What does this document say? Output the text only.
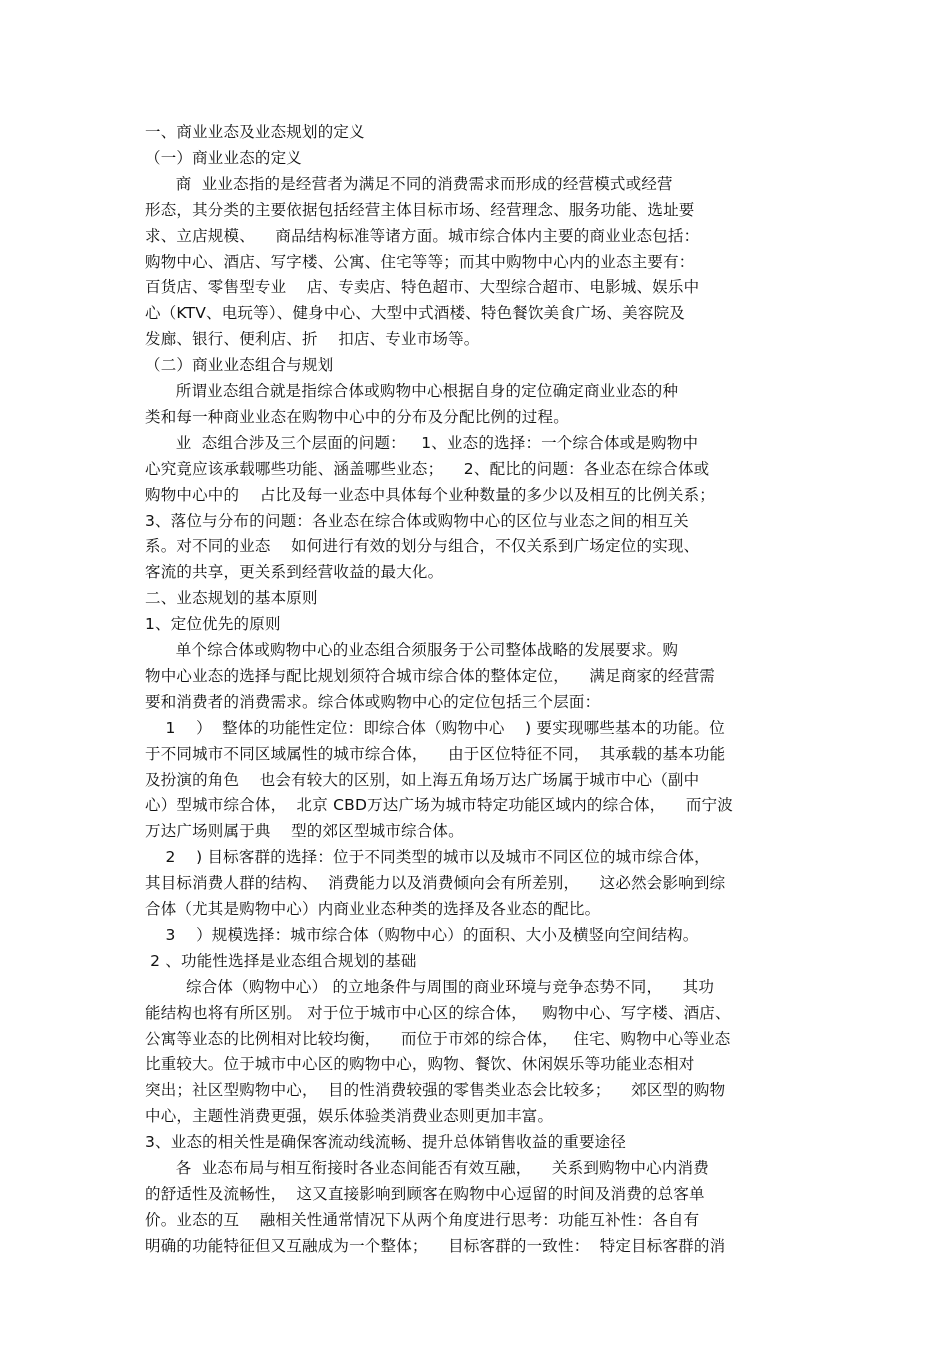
一、商业业态及业态规划的定义
（一）商业业态的定义
商  业业态指的是经营者为满足不同的消费需求而形成的经营模式或经营
形态，其分类的主要依据包括经营主体目标市场、经营理念、服务功能、选址要
求、立店规模、    商品结构标准等诸方面。城市综合体内主要的商业业态包括：
购物中心、酒店、写字楼、公寓、住宅等等；而其中购物中心内的业态主要有：
百货店、零售型专业    店、专卖店、特色超市、大型综合超市、电影城、娱乐中
心（KTV、电玩等）、健身中心、大型中式酒楼、特色餐饮美食广场、美容院及
发廊、银行、便利店、折    扣店、专业市场等。
（二）商业业态组合与规划
所谓业态组合就是指综合体或购物中心根据自身的定位确定商业业态的种
类和每一种商业业态在购物中心中的分布及分配比例的过程。
业  态组合涉及三个层面的问题：   1、业态的选择：一个综合体或是购物中
心究竟应该承载哪些功能、涵盖哪些业态；    2、配比的问题：各业态在综合体或
购物中心中的    占比及每一业态中具体每个业种数量的多少以及相互的比例关系；
3、落位与分布的问题：各业态在综合体或购物中心的区位与业态之间的相互关
系。对不同的业态    如何进行有效的划分与组合，不仅关系到广场定位的实现、
客流的共享，更关系到经营收益的最大化。
二、业态规划的基本原则
1、定位优先的原则
单个综合体或购物中心的业态组合须服务于公司整体战略的发展要求。购
物中心业态的选择与配比规划须符合城市综合体的整体定位，    满足商家的经营需
要和消费者的消费需求。综合体或购物中心的定位包括三个层面：
1    ）  整体的功能性定位：即综合体（购物中心    ) 要实现哪些基本的功能。位
于不同城市不同区域属性的城市综合体，    由于区位特征不同，  其承载的基本功能
及扮演的角色    也会有较大的区别，如上海五角场万达广场属于城市中心（副中
心）型城市综合体，  北京 CBD万达广场为城市特定功能区域内的综合体，    而宁波
万达广场则属于典    型的郊区型城市综合体。
2    ) 目标客群的选择：位于不同类型的城市以及城市不同区位的城市综合体，
其目标消费人群的结构、  消费能力以及消费倾向会有所差别，    这必然会影响到综
合体（尤其是购物中心）内商业业态种类的选择及各业态的配比。
3    ）规模选择：城市综合体（购物中心）的面积、大小及横竖向空间结构。
2 、功能性选择是业态组合规划的基础
综合体（购物中心） 的立地条件与周围的商业环境与竞争态势不同，    其功
能结构也将有所区别。 对于位于城市中心区的综合体，   购物中心、写字楼、酒店、
公寓等业态的比例相对比较均衡，    而位于市郊的综合体，   住宅、购物中心等业态
比重较大。位于城市中心区的购物中心，购物、餐饮、休闲娱乐等功能业态相对
突出；社区型购物中心，  目的性消费较强的零售类业态会比较多；    郊区型的购物
中心，主题性消费更强，娱乐体验类消费业态则更加丰富。
3、业态的相关性是确保客流动线流畅、提升总体销售收益的重要途径
各  业态布局与相互衔接时各业态间能否有效互融，    关系到购物中心内消费
的舒适性及流畅性，  这又直接影响到顾客在购物中心逗留的时间及消费的总客单
价。业态的互    融相关性通常情况下从两个角度进行思考：功能互补性：各自有
明确的功能特征但又互融成为一个整体；    目标客群的一致性：  特定目标客群的消
